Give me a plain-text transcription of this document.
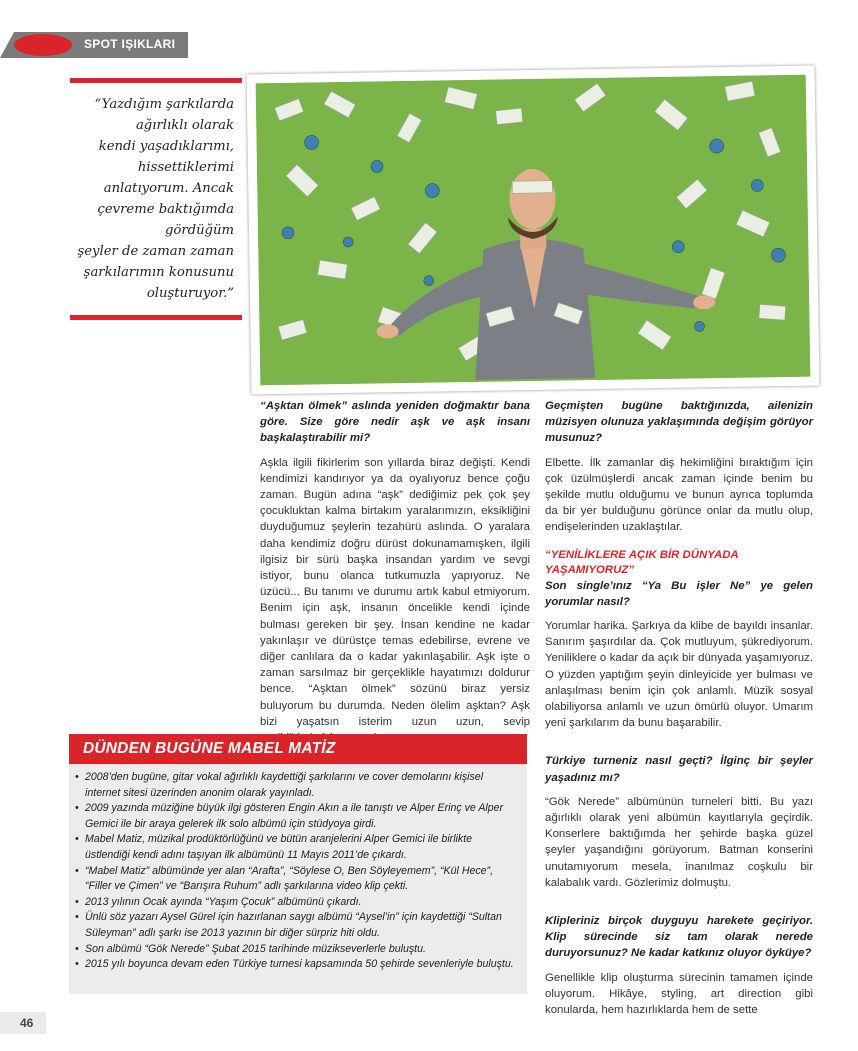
SPOT IŞIKLARI
“Yazdığım şarkılarda
ağırlıklı olarak
kendi yaşadıklarımı,
hissettiklerimi
anlatıyorum. Ancak
çevreme baktığımda
gördüğüm
şeyler de zaman zaman
şarkılarımın konusunu
oluşturuyor.”
“Aşktan ölmek” aslında yeniden doğmaktır bana göre. Size göre nedir aşk ve aşk insanı başkalaştırabilir mi?
Aşkla ilgili fikirlerim son yıllarda biraz değişti. Kendi kendimizi kandırıyor ya da oyalıyoruz bence çoğu zaman. Bugün adına “aşk” dediğimiz pek çok şey çocukluktan kalma birtakım yaralarımızın, eksikliğini duyduğumuz şeylerin tezahürü aslında. O yaralara daha kendimiz doğru dürüst dokunamamışken, ilgili ilgisiz bir sürü başka insandan yardım ve sevgi istiyor, bunu olanca tutkumuzla yapıyoruz. Ne üzücü... Bu tanımı ve durumu artık kabul etmiyorum. Benim için aşk, insanın öncelikle kendi içinde bulması gereken bir şey. İnsan kendine ne kadar yakınlaşır ve dürüstçe temas edebilirse, evrene ve diğer canlılara da o kadar yakınlaşabilir. Aşk işte o zaman sarsılmaz bir gerçeklikle hayatımızı doldurur bence. “Aşktan ölmek” sözünü biraz yersiz buluyorum bu durumda. Neden ölelim aşktan? Aşk bizi yaşatsın isterim uzun uzun, sevip
Geçmişten bugüne baktığınızda, ailenizin müzisyen olunuza yaklaşımında değişim görüyor musunuz?
Elbette. İlk zamanlar diş hekimliğini bıraktığım için çok üzülmüşlerdi ancak zaman içinde benim bu şekilde mutlu olduğumu ve bunun ayrıca toplumda da bir yer bulduğunu görünce onlar da mutlu olup, endişelerinden uzaklaştılar.
“YENİLİKLERE AÇIK BİR DÜNYADA YAŞAMIYORUZ”
Son single’ınız “Ya Bu işler Ne” ye gelen yorumlar nasıl?
Yorumlar harika. Şarkıya da klibe de bayıldı insanlar. Sanırım şaşırdılar da. Çok mutluyum, şükrediyorum. Yeniliklere o kadar da açık bir dünyada yaşamıyoruz. O yüzden yaptığım şeyin dinleyicide yer bulması ve anlaşılması benim için çok anlamlı. Müzik sosyal olabiliyorsa anlamlı ve uzun ömürlü oluyor. Umarım yeni şarkılarım da bunu başarabilir.
Türkiye turneniz nasıl geçti? İlginç bir şeyler yaşadınız mı?
“Gök Nerede” albümünün turneleri bitti. Bu yazı ağırlıklı olarak yeni albümün kayıtlarıyla geçirdik. Konserlere baktığımda her şehirde başka güzel şeyler yaşandığını görüyorum. Batman konserini unutamıyorum mesela, inanılmaz coşkulu bir kalabalık vardı. Gözlerimiz dolmuştu.
Klipleriniz birçok duyguyu harekete geçiriyor. Klip sürecinde siz tam olarak nerede duruyorsunuz? Ne kadar katkınız oluyor öyküye?
Genellikle klip oluşturma sürecinin tamamen içinde oluyorum. Hikâye, styling, art direction gibi konularda, hem hazırlıklarda hem de sette
DÜNDEN BUGÜNE MABEL MATİZ
• 2008’den bugüne, gitar vokal ağırlıklı kaydettiği şarkılarını ve cover demolarını kişisel internet sitesi üzerinden anonim olarak yayınladı.
• 2009 yazında müziğine büyük ilgi gösteren Engin Akın a ile tanıştı ve Alper Erinç ve Alper Gemici ile bir araya gelerek ilk solo albümü için stüdyoya girdi.
• Mabel Matiz, müzikal prodüktörlüğünü ve bütün aranjelerini Alper Gemici ile birlikte üstlendiği kendi adını taşıyan ilk albümünü 11 Mayıs 2011’de çıkardı.
• “Mabel Matiz” albümünde yer alan “Arafta”, “Söylese O, Ben Söyleyemem”, “Kül Hece”, “Filler ve Çimen” ve “Barışıra Ruhum” adlı şarkılarına video klip çekti.
• 2013 yılının Ocak ayında “Yaşım Çocuk” albümünü çıkardı.
• Ünlü söz yazarı Aysel Gürel için hazırlanan saygı albümü “Aysel’in” için kaydettiği “Sultan Süleyman” adlı şarkı ise 2013 yazının bir diğer sürpriz hiti oldu.
• Son albümü “Gök Nerede” Şubat 2015 tarihinde müzikseverlerle buluştu.
• 2015 yılı boyunca devam eden Türkiye turnesi kapsamında 50 şehirde sevenleriyle buluştu.
46
